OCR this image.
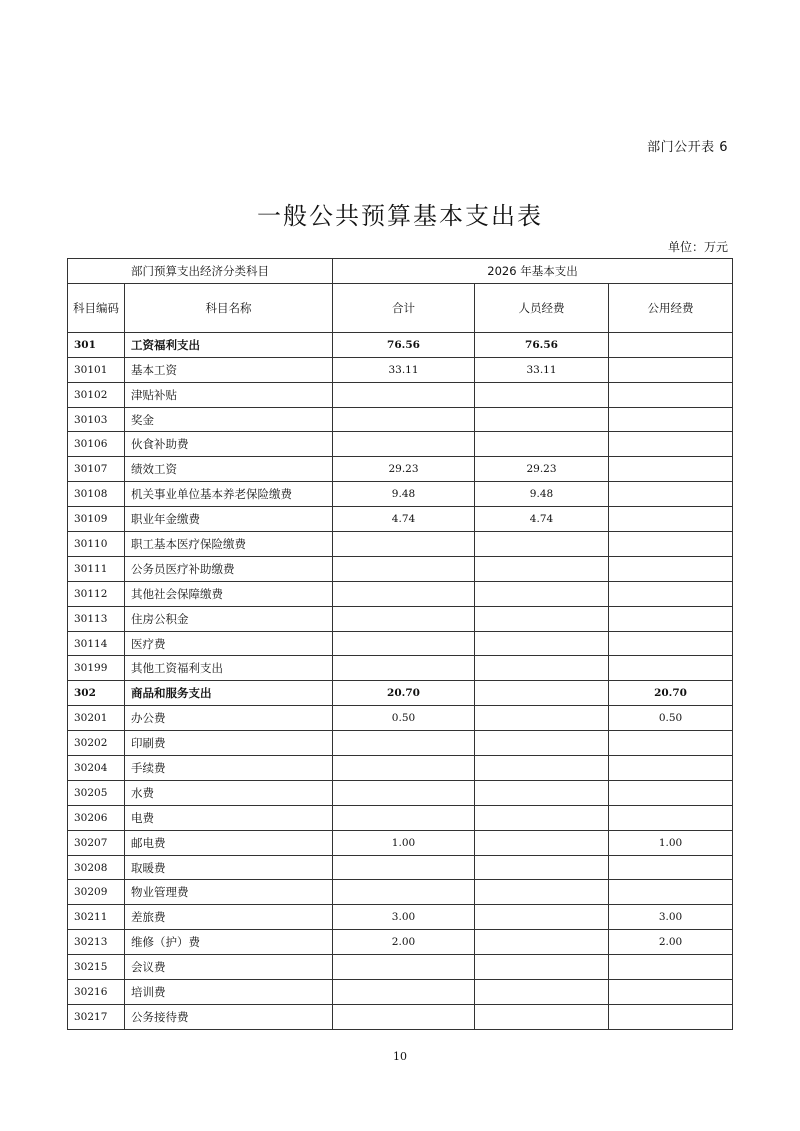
部门公开表 6
一般公共预算基本支出表
单位：万元
部门预算支出经济分类科目		2026 年基本支出		
科目编码	科目名称	合计	人员经费	公用经费
301	工资福利支出	76.56	76.56	
30101	基本工资	33.11	33.11	
30102	津贴补贴			
30103	奖金			
30106	伙食补助费			
30107	绩效工资	29.23	29.23	
30108	机关事业单位基本养老保险缴费	9.48	9.48	
30109	职业年金缴费	4.74	4.74	
30110	职工基本医疗保险缴费			
30111	公务员医疗补助缴费			
30112	其他社会保障缴费			
30113	住房公积金			
30114	医疗费			
30199	其他工资福利支出			
302	商品和服务支出	20.70		20.70
30201	办公费	0.50		0.50
30202	印刷费			
30204	手续费			
30205	水费			
30206	电费			
30207	邮电费	1.00		1.00
30208	取暖费			
30209	物业管理费			
30211	差旅费	3.00		3.00
30213	维修（护）费	2.00		2.00
30215	会议费			
30216	培训费			
30217	公务接待费			
10
